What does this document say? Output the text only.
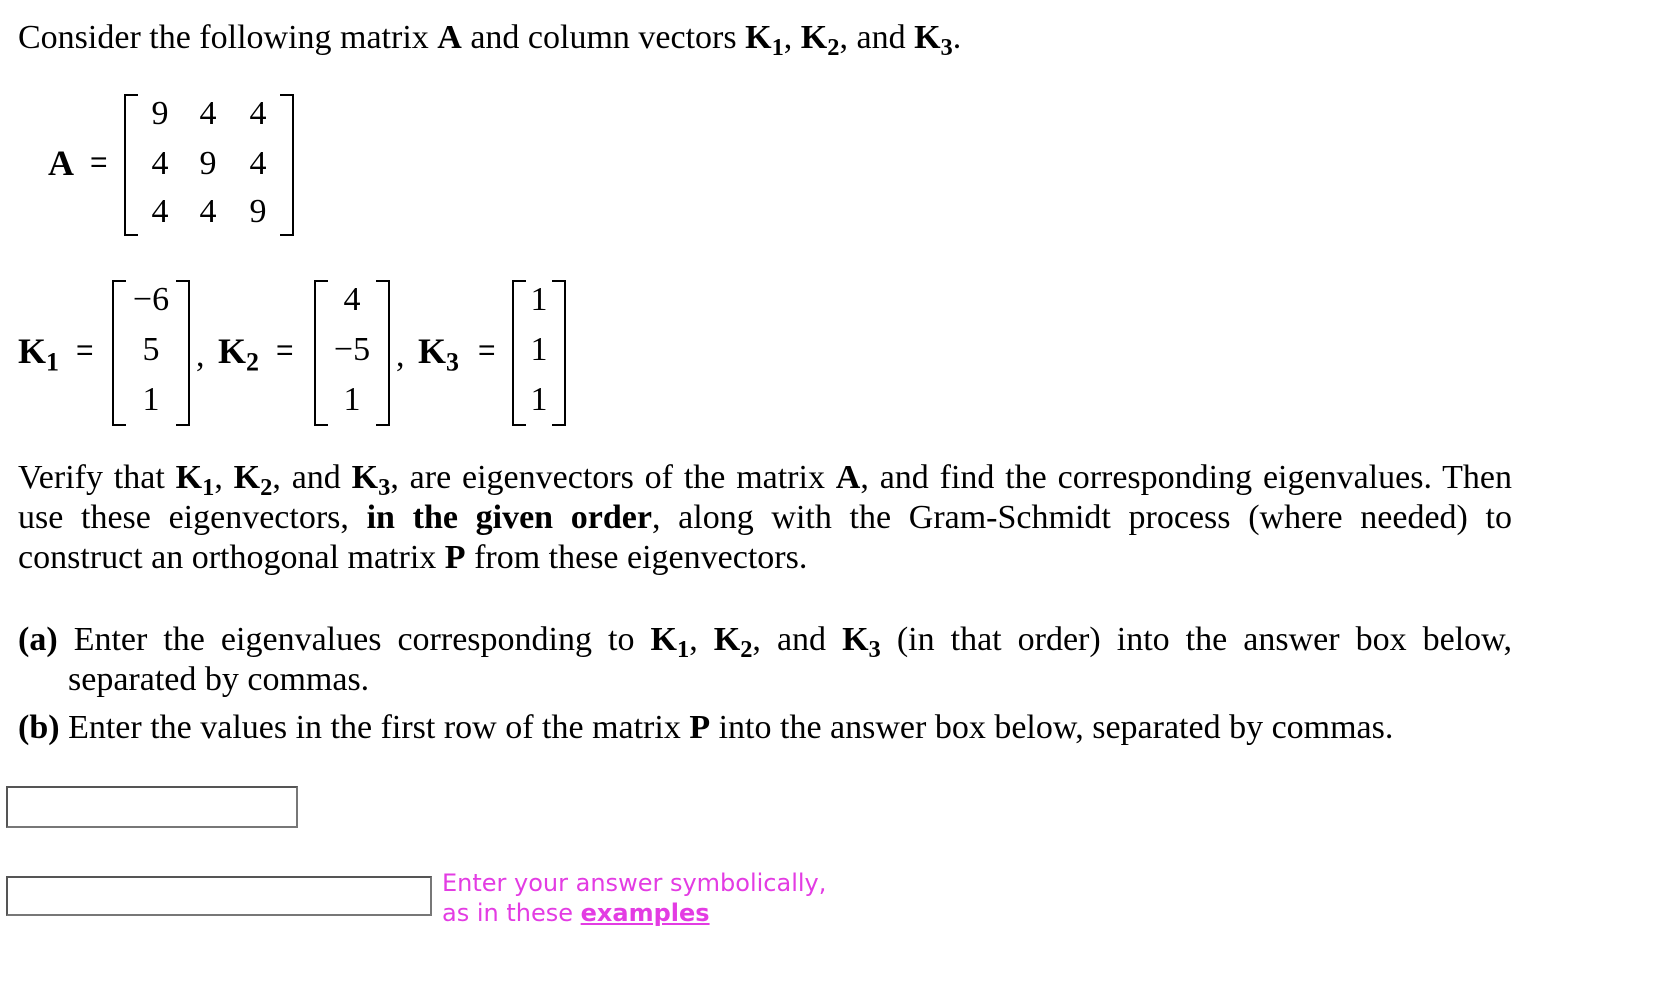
Consider the following matrix A and column vectors $K_1$, $K_2$, and $K_3$.
A =
9 4 4
4 9 4
4 4 9
$K_1$ =
−6
5
1
, $K_2$ =
4
−5
1
, $K_3$ =
1
1
1
Verify that $K_1$, $K_2$, and $K_3$, are eigenvectors of the matrix A, and find the corresponding eigenvalues. Then use these eigenvectors, in the given order, along with the Gram-Schmidt process (where needed) to construct an orthogonal matrix P from these eigenvectors.
(a) Enter the eigenvalues corresponding to $K_1$, $K_2$, and $K_3$ (in that order) into the answer box below, separated by commas.
(b) Enter the values in the first row of the matrix P into the answer box below, separated by commas.
Enter your answer symbolically,
as in these examples
